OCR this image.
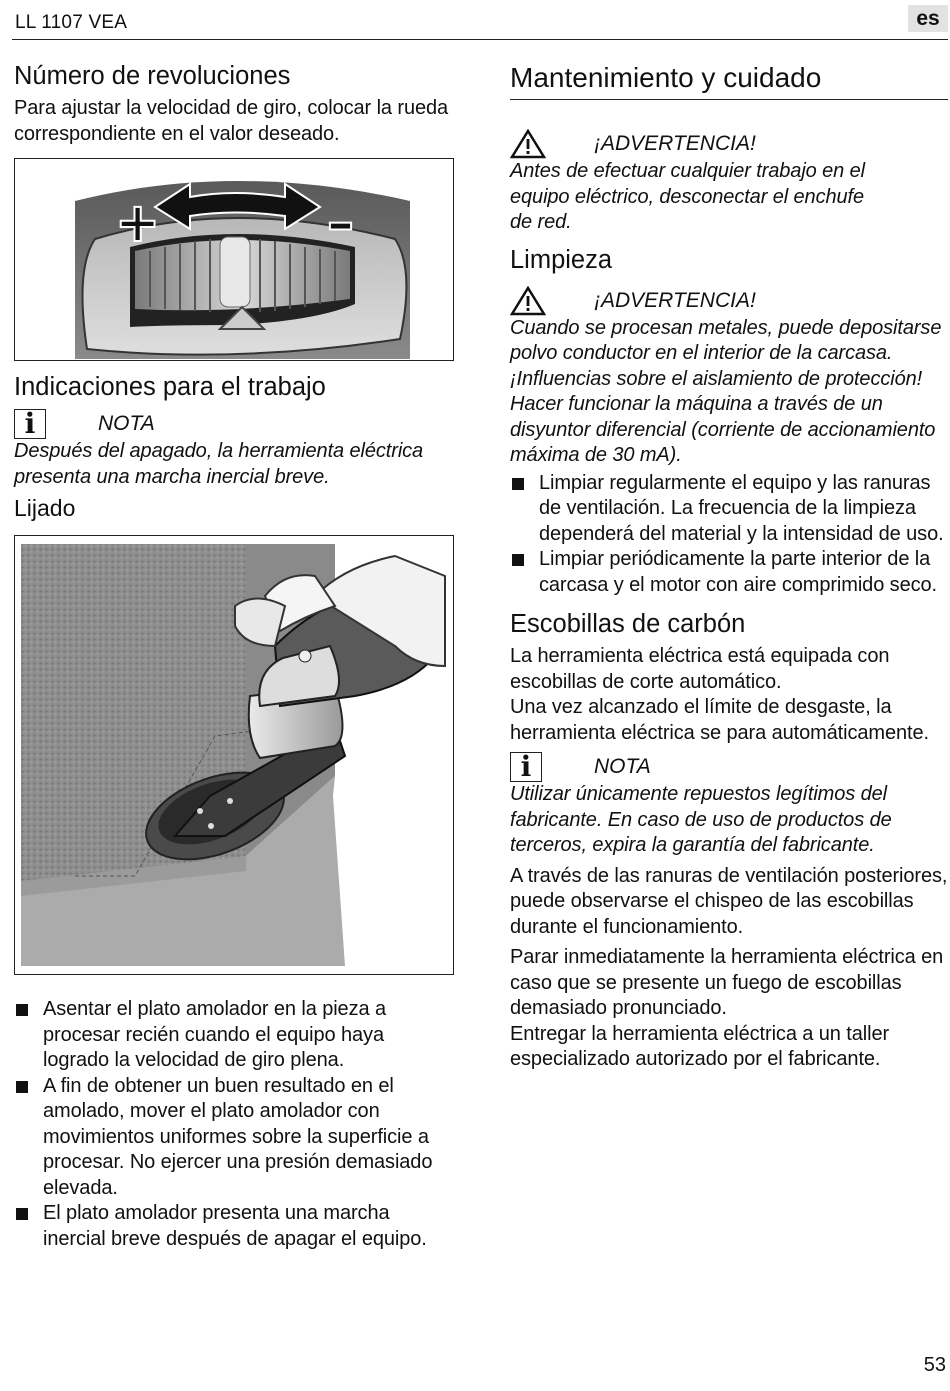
LL 1107 VEA	es
Número de revoluciones

Para ajustar la velocidad de giro, colocar la rueda correspondiente en el valor deseado.

+	–
Indicaciones para el trabajo
i	NOTA

Después del apagado, la herramienta eléctrica presenta una marcha inercial breve.

Lijado
Asentar el plato amolador en la pieza a procesar recién cuando el equipo haya logrado la velocidad de giro plena.
A fin de obtener un buen resultado en el amolado, mover el plato amolador con movimientos uniformes sobre la superficie a procesar. No ejercer una presión demasiado elevada.
El plato amolador presenta una marcha inercial breve después de apagar el equipo.
Mantenimiento y cuidado
¡ADVERTENCIA!

Antes de efectuar cualquier trabajo en el equipo eléctrico, desconectar el enchufe de red.

Limpieza
¡ADVERTENCIA!

Cuando se procesan metales, puede depositarse polvo conductor en el interior de la carcasa. ¡Influencias sobre el aislamiento de protección! Hacer funcionar la máquina a través de un disyuntor diferencial (corriente de accionamiento máxima de 30 mA).

Limpiar regularmente el equipo y las ranuras de ventilación. La frecuencia de la limpieza dependerá del material y la intensidad de uso.
Limpiar periódicamente la parte interior de la carcasa y el motor con aire comprimido seco.
Escobillas de carbón

La herramienta eléctrica está equipada con escobillas de corte automático.

Una vez alcanzado el límite de desgaste, la herramienta eléctrica se para automáticamente.

i	NOTA

Utilizar únicamente repuestos legítimos del fabricante. En caso de uso de productos de terceros, expira la garantía del fabricante.

A través de las ranuras de ventilación posteriores, puede observarse el chispeo de las escobillas durante el funcionamiento.

Parar inmediatamente la herramienta eléctrica en caso que se presente un fuego de escobillas demasiado pronunciado.

Entregar la herramienta eléctrica a un taller especializado autorizado por el fabricante.

53
